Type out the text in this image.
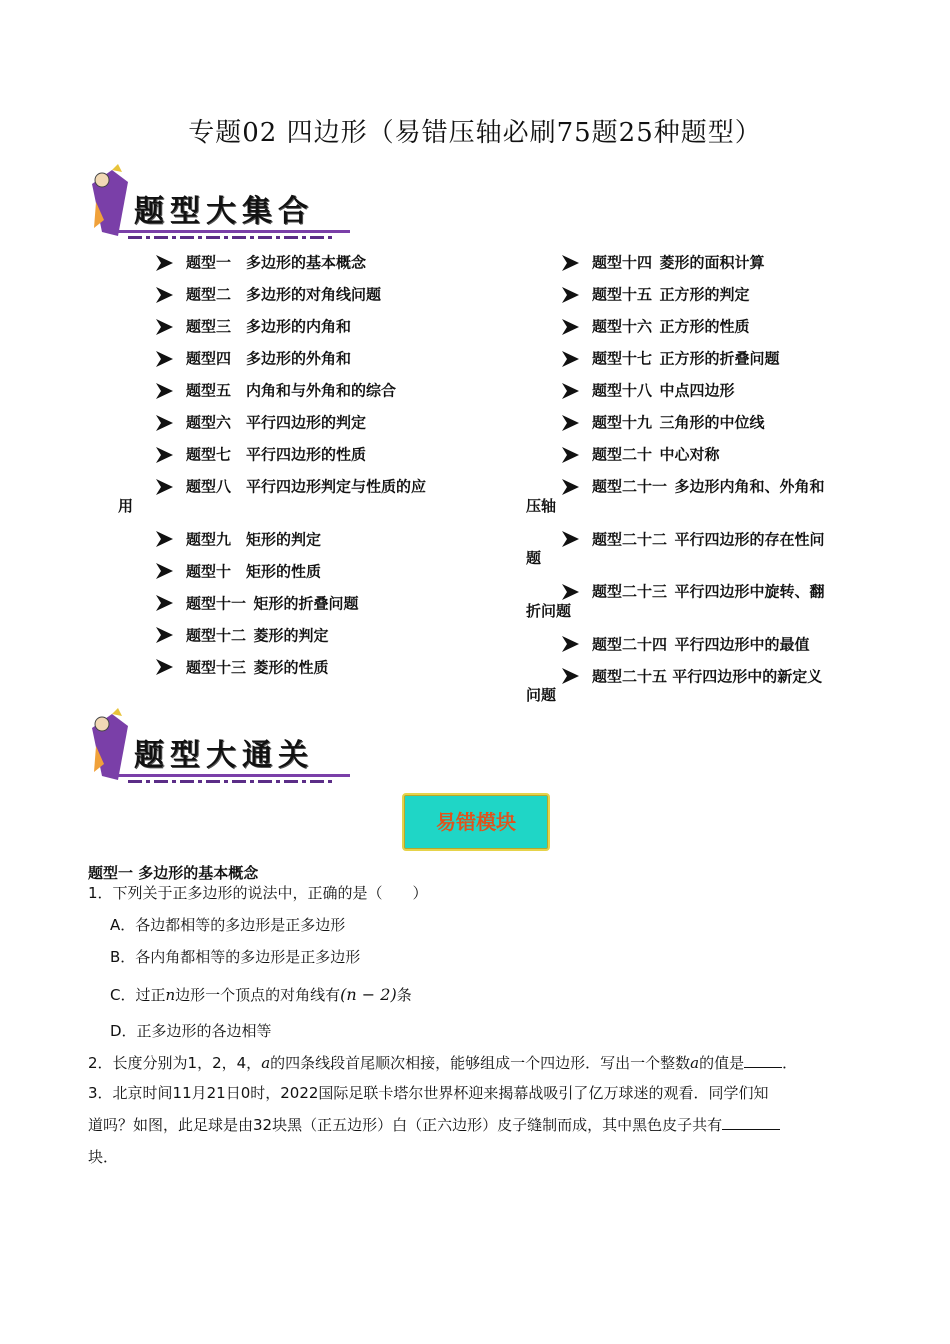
专题02 四边形（易错压轴必刷75题25种题型）
题型大集合
题型一  多边形的基本概念
题型二  多边形的对角线问题
题型三  多边形的内角和
题型四  多边形的外角和
题型五  内角和与外角和的综合
题型六  平行四边形的判定
题型七  平行四边形的性质
题型八  平行四边形判定与性质的应
用
题型九  矩形的判定
题型十  矩形的性质
题型十一  矩形的折叠问题
题型十二  菱形的判定
题型十三  菱形的性质
题型十四  菱形的面积计算
题型十五  正方形的判定
题型十六  正方形的性质
题型十七  正方形的折叠问题
题型十八  中点四边形
题型十九  三角形的中位线
题型二十  中心对称
题型二十一  多边形内角和、外角和
压轴
题型二十二  平行四边形的存在性问
题
题型二十三  平行四边形中旋转、翻
折问题
题型二十四  平行四边形中的最值
题型二十五 平行四边形中的新定义
问题
题型大通关
易错模块
题型一 多边形的基本概念
1．下列关于正多边形的说法中，正确的是（　　）
A．各边都相等的多边形是正多边形
B．各内角都相等的多边形是正多边形
C．过正n边形一个顶点的对角线有(n − 2)条
D．正多边形的各边相等
2．长度分别为1，2，4，a的四条线段首尾顺次相接，能够组成一个四边形．写出一个整数a的值是	．
3．北京时间11月21日0时，2022国际足联卡塔尔世界杯迎来揭幕战吸引了亿万球迷的观看．同学们知
道吗？如图，此足球是由32块黑（正五边形）白（正六边形）皮子缝制而成，其中黑色皮子共有
块．
